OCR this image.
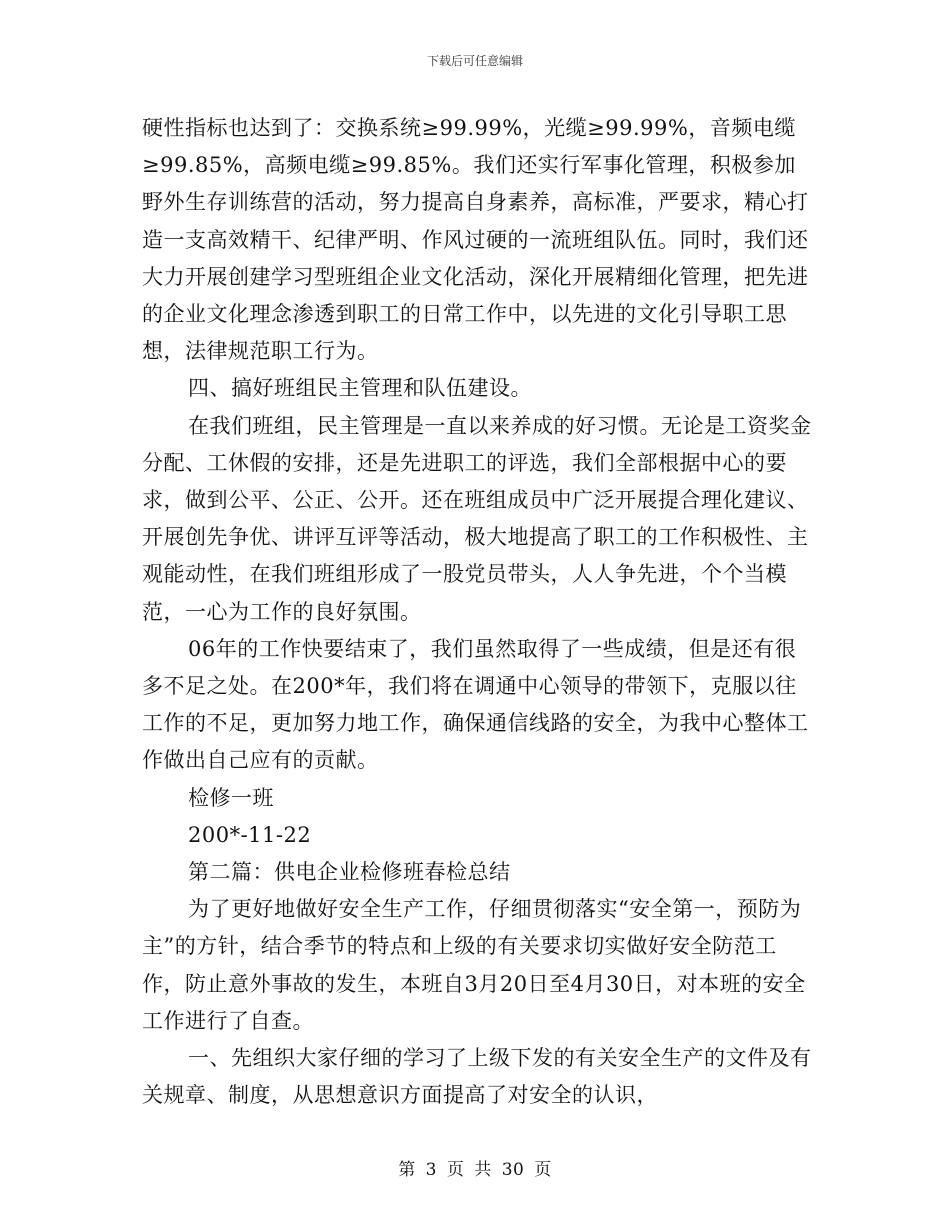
下载后可任意编辑

硬性指标也达到了：交换系统≥99.99%，光缆≥99.99%，音频电缆≥99.85%，高频电缆≥99.85%。我们还实行军事化管理，积极参加野外生存训练营的活动，努力提高自身素养，高标准，严要求，精心打造一支高效精干、纪律严明、作风过硬的一流班组队伍。同时，我们还大力开展创建学习型班组企业文化活动，深化开展精细化管理，把先进的企业文化理念渗透到职工的日常工作中，以先进的文化引导职工思想，法律规范职工行为。

四、搞好班组民主管理和队伍建设。

在我们班组，民主管理是一直以来养成的好习惯。无论是工资奖金分配、工休假的安排，还是先进职工的评选，我们全部根据中心的要求，做到公平、公正、公开。还在班组成员中广泛开展提合理化建议、开展创先争优、讲评互评等活动，极大地提高了职工的工作积极性、主观能动性，在我们班组形成了一股党员带头，人人争先进，个个当模范，一心为工作的良好氛围。

06年的工作快要结束了，我们虽然取得了一些成绩，但是还有很多不足之处。在200*年，我们将在调通中心领导的带领下，克服以往工作的不足，更加努力地工作，确保通信线路的安全，为我中心整体工作做出自己应有的贡献。

检修一班

200*-11-22

第二篇：供电企业检修班春检总结

为了更好地做好安全生产工作，仔细贯彻落实“安全第一，预防为主”的方针，结合季节的特点和上级的有关要求切实做好安全防范工作，防止意外事故的发生，本班自3月20日至4月30日，对本班的安全工作进行了自查。

一、先组织大家仔细的学习了上级下发的有关安全生产的文件及有关规章、制度，从思想意识方面提高了对安全的认识，

第 3 页 共 30 页
